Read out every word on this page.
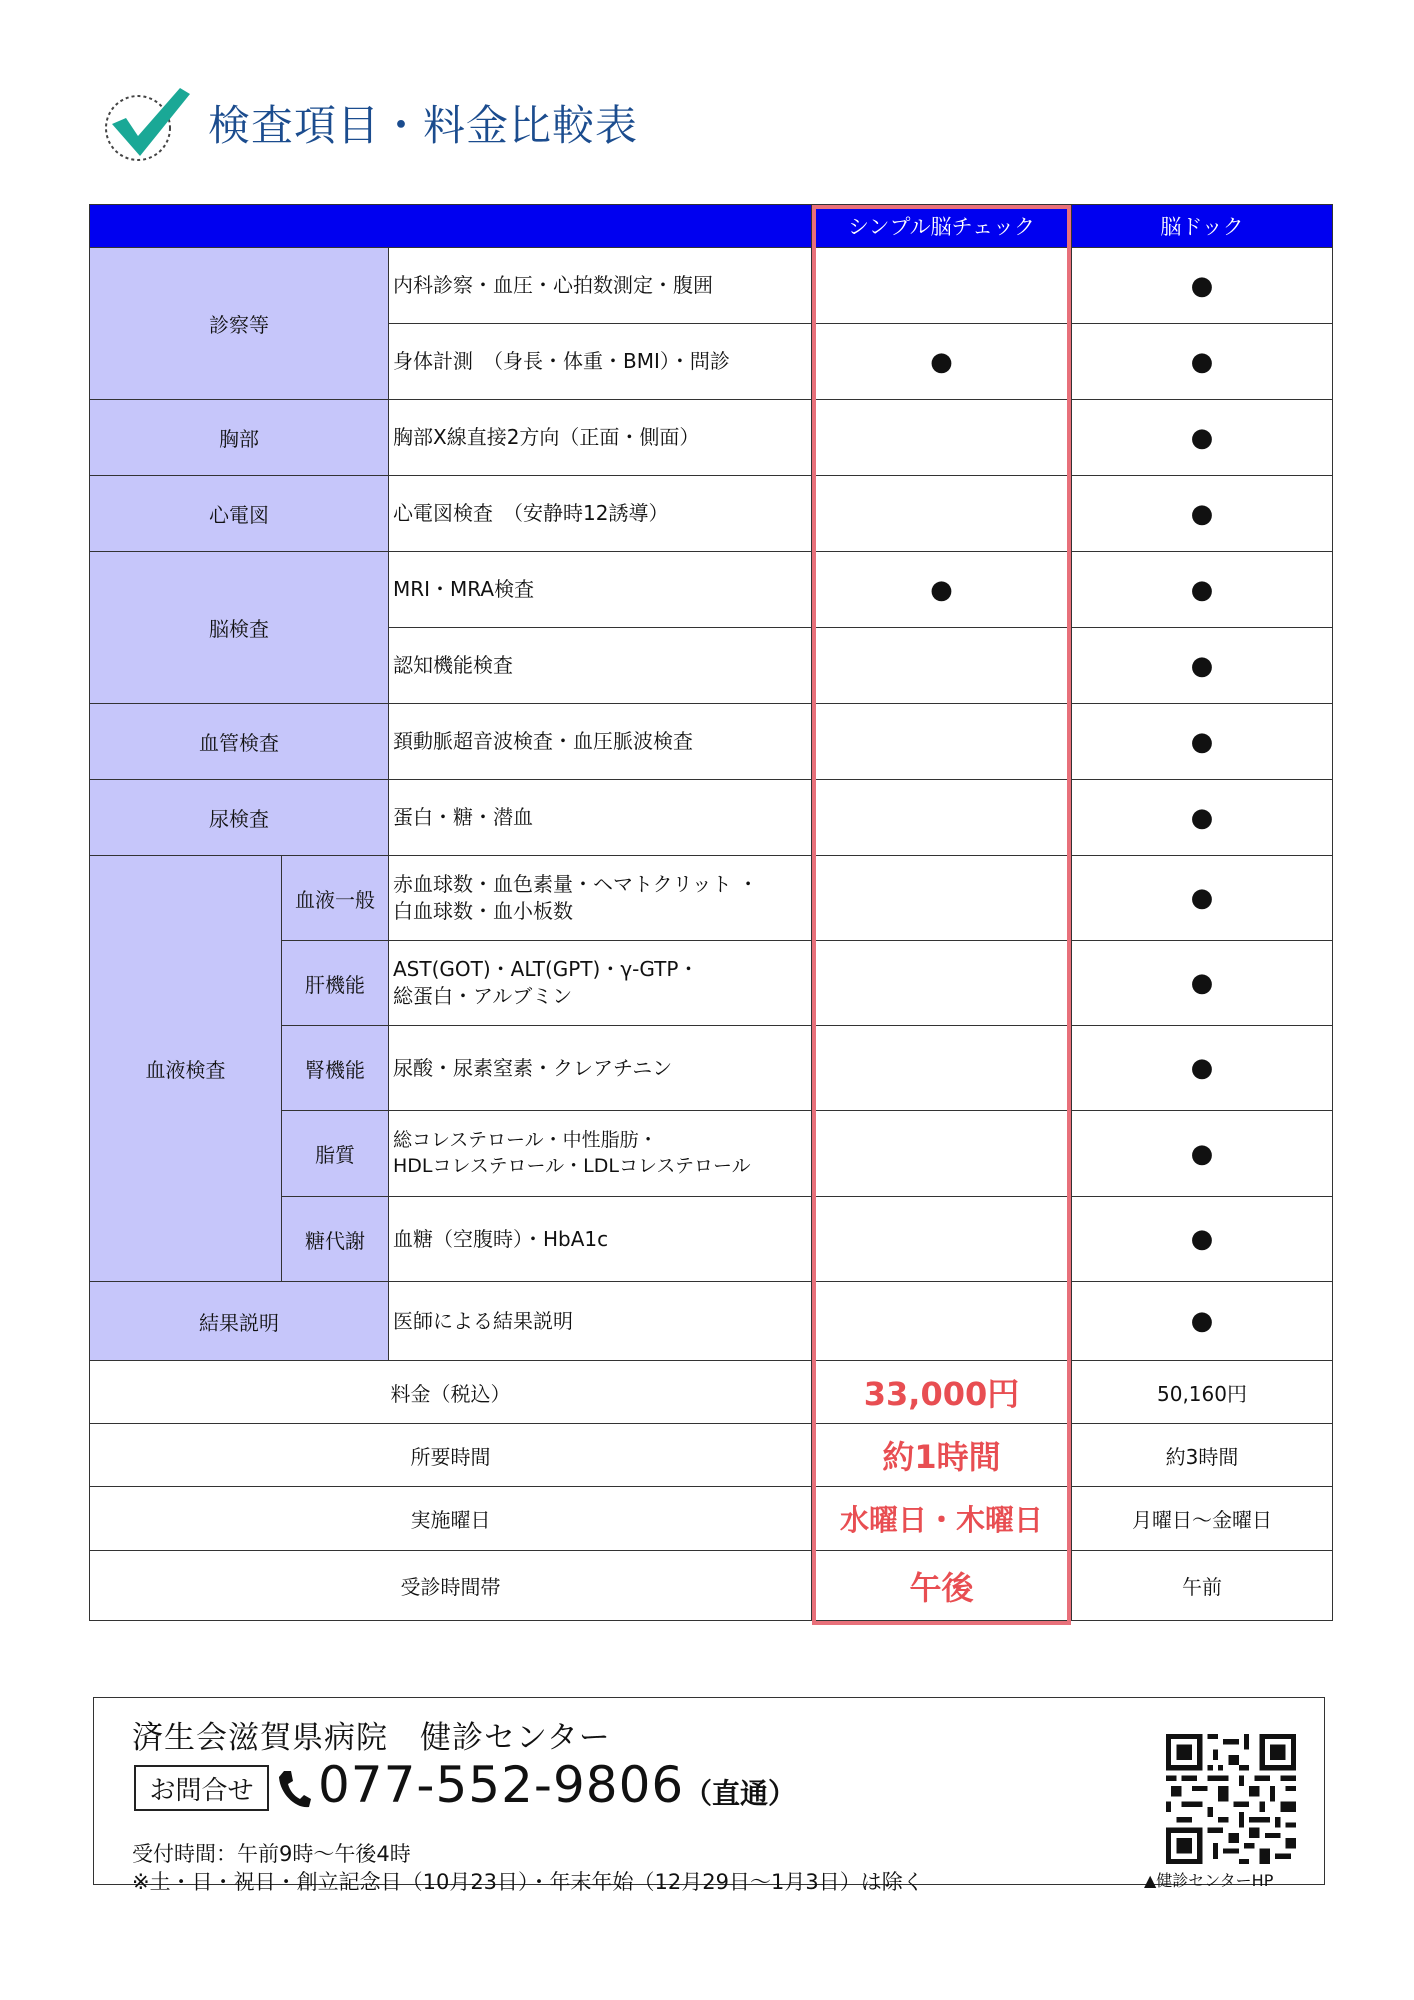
検査項目・料金比較表
			シンプル脳チェック	脳ドック
診察等		内科診察・血圧・心拍数測定・腹囲		●
		身体計測　（身長・体重・BMI）・問診	●	●
胸部		胸部X線直接2方向（正面・側面）		●
心電図		心電図検査　（安静時12誘導）		●
脳検査		MRI・MRA検査	●	●
		認知機能検査		●
血管検査		頚動脈超音波検査・血圧脈波検査		●
尿検査		蛋白・糖・潜血		●
血液検査	血液一般	赤血球数・血色素量・ヘマトクリット ・
白血球数・血小板数		●
	肝機能	AST(GOT)・ALT(GPT)・γ‐GTP・
総蛋白・アルブミン		●
	腎機能	尿酸・尿素窒素・クレアチニン		●
	脂質	総コレステロール・中性脂肪・
HDLコレステロール・LDLコレステロール		●
	糖代謝	血糖（空腹時）・HbA1c		●
結果説明		医師による結果説明		●
料金（税込）			33,000円	50,160円
所要時間			約1時間	約3時間
実施曜日			水曜日・木曜日	月曜日～金曜日
受診時間帯			午後	午前
済生会滋賀県病院　健診センター
お問合せ	077-552-9806 （直通）
受付時間：午前9時～午後4時
※土・日・祝日・創立記念日（10月23日）・年末年始（12月29日～1月3日）は除く	▲健診センターHP
